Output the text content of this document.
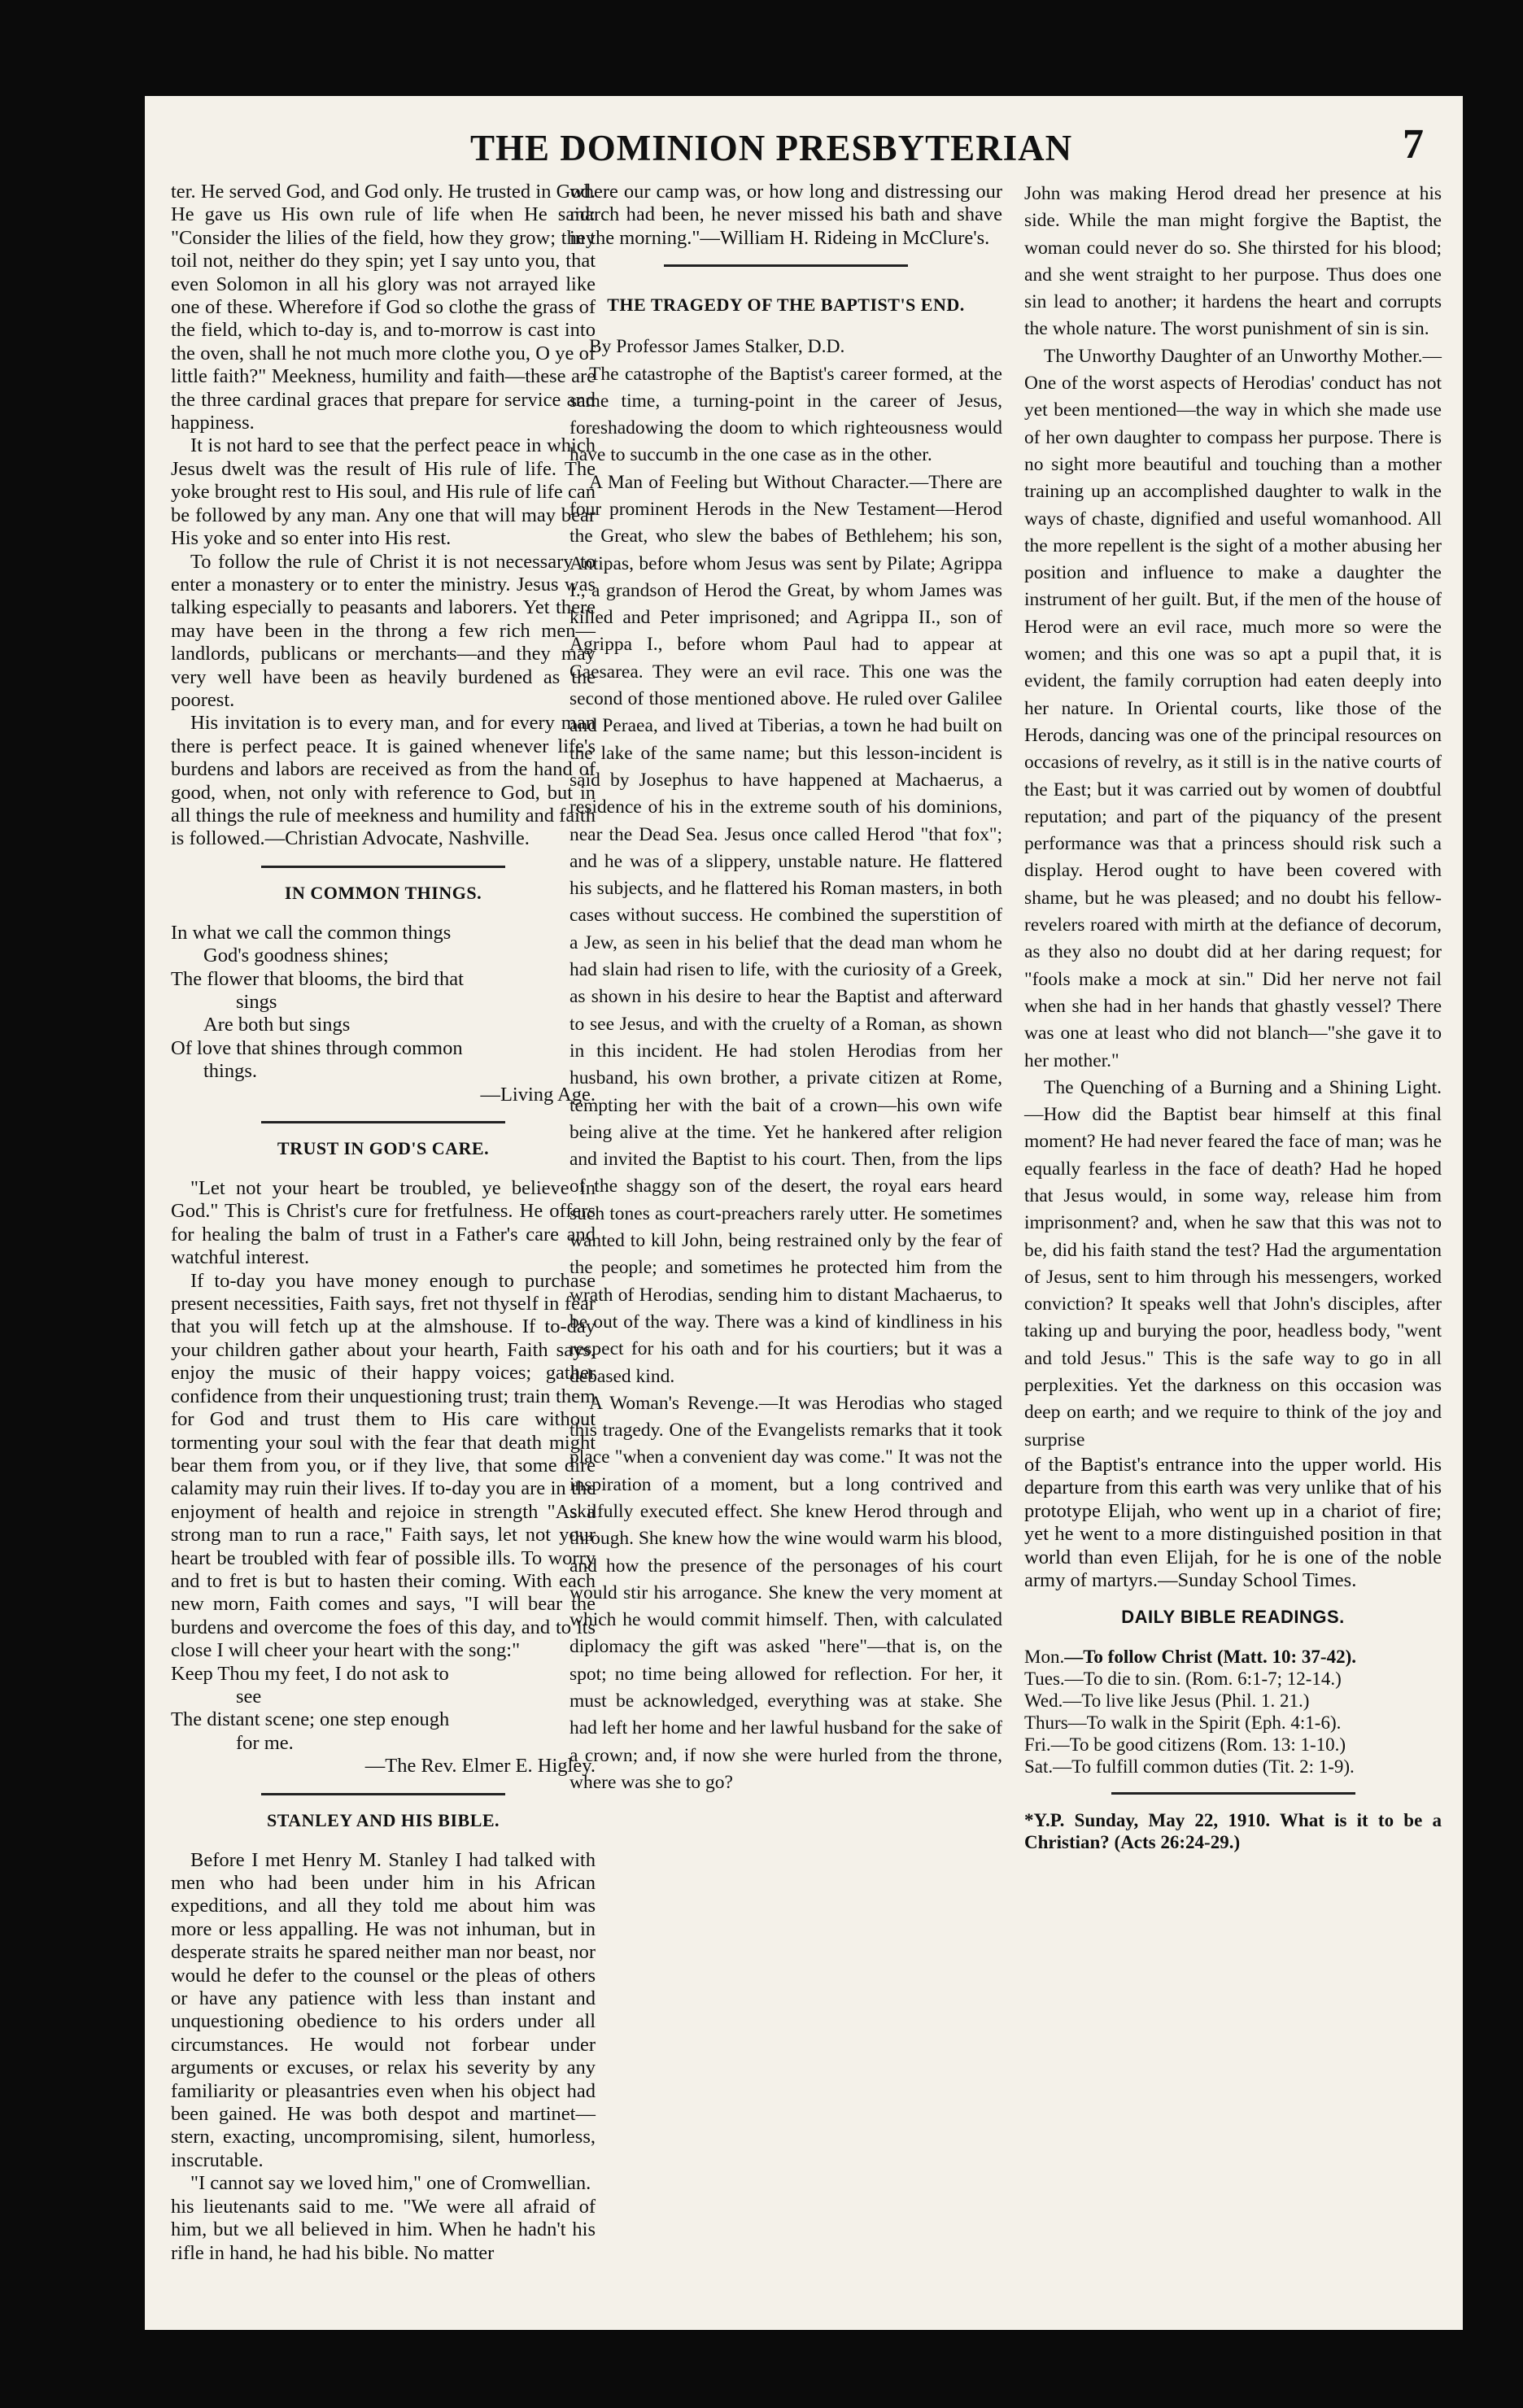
THE DOMINION PRESBYTERIAN	7

ter. He served God, and God only. He trusted in God. He gave us His own rule of life when He said: "Consider the lilies of the field, how they grow; they toil not, neither do they spin; yet I say unto you, that even Solomon in all his glory was not arrayed like one of these. Wherefore if God so clothe the grass of the field, which to-day is, and to-morrow is cast into the oven, shall he not much more clothe you, O ye of little faith?" Meekness, humility and faith—these are the three cardinal graces that prepare for service and happiness.

It is not hard to see that the perfect peace in which Jesus dwelt was the result of His rule of life. The yoke brought rest to His soul, and His rule of life can be followed by any man. Any one that will may bear His yoke and so enter into His rest.

To follow the rule of Christ it is not necessary to enter a monastery or to enter the ministry. Jesus was talking especially to peasants and laborers. Yet there may have been in the throng a few rich men—landlords, publicans or merchants—and they may very well have been as heavily burdened as the poorest.

His invitation is to every man, and for every man there is perfect peace. It is gained whenever life's burdens and labors are received as from the hand of good, when, not only with reference to God, but in all things the rule of meekness and humility and faith is followed.—Christian Advocate, Nashville.

IN COMMON THINGS.

In what we call the common things

God's goodness shines;

The flower that blooms, the bird that

sings

Are both but sings

Of love that shines through common

things.

—Living Age.

TRUST IN GOD'S CARE.

"Let not your heart be troubled, ye believe in God." This is Christ's cure for fretfulness. He offers for healing the balm of trust in a Father's care and watchful interest.

If to-day you have money enough to purchase present necessities, Faith says, fret not thyself in fear that you will fetch up at the almshouse. If to-day your children gather about your hearth, Faith says, enjoy the music of their happy voices; gather confidence from their unquestioning trust; train them for God and trust them to His care without tormenting your soul with the fear that death might bear them from you, or if they live, that some dire calamity may ruin their lives. If to-day you are in the enjoyment of health and rejoice in strength "As a strong man to run a race," Faith says, let not your heart be troubled with fear of possible ills. To worry and to fret is but to hasten their coming. With each new morn, Faith comes and says, "I will bear the burdens and overcome the foes of this day, and to its close I will cheer your heart with the song:"

Keep Thou my feet, I do not ask to

see

The distant scene; one step enough

for me.

—The Rev. Elmer E. Higley.

STANLEY AND HIS BIBLE.

Before I met Henry M. Stanley I had talked with men who had been under him in his African expeditions, and all they told me about him was more or less appalling. He was not inhuman, but in desperate straits he spared neither man nor beast, nor would he defer to the counsel or the pleas of others or have any patience with less than instant and unquestioning obedience to his orders under all circumstances. He would not forbear under arguments or excuses, or relax his severity by any familiarity or pleasantries even when his object had been gained. He was both despot and martinet—stern, exacting, uncompromising, silent, humorless, inscrutable.

"I cannot say we loved him," one of Cromwellian.

his lieutenants said to me. "We were all afraid of him, but we all believed in him. When he hadn't his rifle in hand, he had his bible. No matter

where our camp was, or how long and distressing our march had been, he never missed his bath and shave in the morning."—William H. Rideing in McClure's.

THE TRAGEDY OF THE BAPTIST'S END.

By Professor James Stalker, D.D.

The catastrophe of the Baptist's career formed, at the same time, a turning-point in the career of Jesus, foreshadowing the doom to which righteousness would have to succumb in the one case as in the other.

A Man of Feeling but Without Character.—There are four prominent Herods in the New Testament—Herod the Great, who slew the babes of Bethlehem; his son, Antipas, before whom Jesus was sent by Pilate; Agrippa I., a grandson of Herod the Great, by whom James was killed and Peter imprisoned; and Agrippa II., son of Agrippa I., before whom Paul had to appear at Caesarea. They were an evil race. This one was the second of those mentioned above. He ruled over Galilee and Peraea, and lived at Tiberias, a town he had built on the lake of the same name; but this lesson-incident is said by Josephus to have happened at Machaerus, a residence of his in the extreme south of his dominions, near the Dead Sea. Jesus once called Herod "that fox"; and he was of a slippery, unstable nature. He flattered his subjects, and he flattered his Roman masters, in both cases without success. He combined the superstition of a Jew, as seen in his belief that the dead man whom he had slain had risen to life, with the curiosity of a Greek, as shown in his desire to hear the Baptist and afterward to see Jesus, and with the cruelty of a Roman, as shown in this incident. He had stolen Herodias from her husband, his own brother, a private citizen at Rome, tempting her with the bait of a crown—his own wife being alive at the time. Yet he hankered after religion and invited the Baptist to his court. Then, from the lips of the shaggy son of the desert, the royal ears heard such tones as court-preachers rarely utter. He sometimes wanted to kill John, being restrained only by the fear of the people; and sometimes he protected him from the wrath of Herodias, sending him to distant Machaerus, to be out of the way. There was a kind of kindliness in his respect for his oath and for his courtiers; but it was a debased kind.

A Woman's Revenge.—It was Herodias who staged this tragedy. One of the Evangelists remarks that it took place "when a convenient day was come." It was not the inspiration of a moment, but a long contrived and skilfully executed effect. She knew Herod through and through. She knew how the wine would warm his blood, and how the presence of the personages of his court would stir his arrogance. She knew the very moment at which he would commit himself. Then, with calculated diplomacy the gift was asked "here"—that is, on the spot; no time being allowed for reflection. For her, it must be acknowledged, everything was at stake. She had left her home and her lawful husband for the sake of a crown; and, if now she were hurled from the throne, where was she to go?

John was making Herod dread her presence at his side. While the man might forgive the Baptist, the woman could never do so. She thirsted for his blood; and she went straight to her purpose. Thus does one sin lead to another; it hardens the heart and corrupts the whole nature. The worst punishment of sin is sin.

The Unworthy Daughter of an Unworthy Mother.—One of the worst aspects of Herodias' conduct has not yet been mentioned—the way in which she made use of her own daughter to compass her purpose. There is no sight more beautiful and touching than a mother training up an accomplished daughter to walk in the ways of chaste, dignified and useful womanhood. All the more repellent is the sight of a mother abusing her position and influence to make a daughter the instrument of her guilt. But, if the men of the house of Herod were an evil race, much more so were the women; and this one was so apt a pupil that, it is evident, the family corruption had eaten deeply into her nature. In Oriental courts, like those of the Herods, dancing was one of the principal resources on occasions of revelry, as it still is in the native courts of the East; but it was carried out by women of doubtful reputation; and part of the piquancy of the present performance was that a princess should risk such a display. Herod ought to have been covered with shame, but he was pleased; and no doubt his fellow-revelers roared with mirth at the defiance of decorum, as they also no doubt did at her daring request; for "fools make a mock at sin." Did her nerve not fail when she had in her hands that ghastly vessel? There was one at least who did not blanch—"she gave it to her mother."

The Quenching of a Burning and a Shining Light.—How did the Baptist bear himself at this final moment? He had never feared the face of man; was he equally fearless in the face of death? Had he hoped that Jesus would, in some way, release him from imprisonment? and, when he saw that this was not to be, did his faith stand the test? Had the argumentation of Jesus, sent to him through his messengers, worked conviction? It speaks well that John's disciples, after taking up and burying the poor, headless body, "went and told Jesus." This is the safe way to go in all perplexities. Yet the darkness on this occasion was deep on earth; and we require to think of the joy and surprise

of the Baptist's entrance into the upper world. His departure from this earth was very unlike that of his prototype Elijah, who went up in a chariot of fire; yet he went to a more distinguished position in that world than even Elijah, for he is one of the noble army of martyrs.—Sunday School Times.

DAILY BIBLE READINGS.

Mon.—To follow Christ (Matt. 10: 37-42).

Tues.—To die to sin. (Rom. 6:1-7; 12-14.)

Wed.—To live like Jesus (Phil. 1. 21.)

Thurs—To walk in the Spirit (Eph. 4:1-6).

Fri.—To be good citizens (Rom. 13: 1-10.)

Sat.—To fulfill common duties (Tit. 2: 1-9).

*Y.P. Sunday, May 22, 1910. What is it to be a Christian? (Acts 26:24-29.)
